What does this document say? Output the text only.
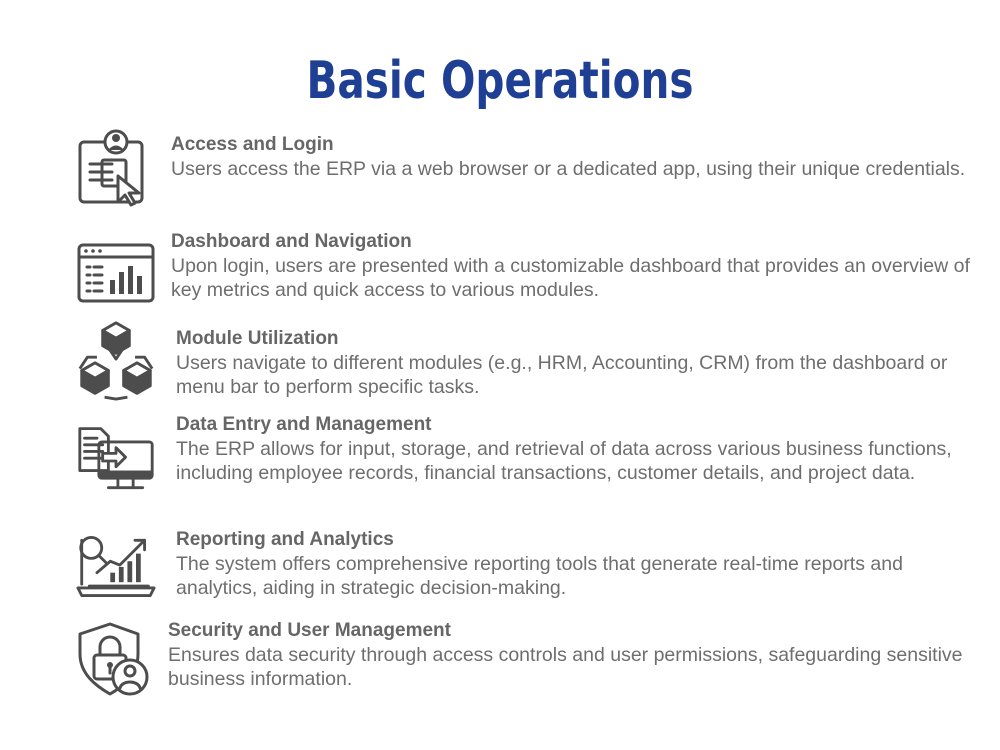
Basic Operations
Access and Login
Users access the ERP via a web browser or a dedicated app, using their unique credentials.
Dashboard and Navigation
Upon login, users are presented with a customizable dashboard that provides an overview of key metrics and quick access to various modules.
Module Utilization
Users navigate to different modules (e.g., HRM, Accounting, CRM) from the dashboard or menu bar to perform specific tasks.
Data Entry and Management
The ERP allows for input, storage, and retrieval of data across various business functions, including employee records, financial transactions, customer details, and project data.
Reporting and Analytics
The system offers comprehensive reporting tools that generate real-time reports and analytics, aiding in strategic decision-making.
Security and User Management
Ensures data security through access controls and user permissions, safeguarding sensitive business information.
